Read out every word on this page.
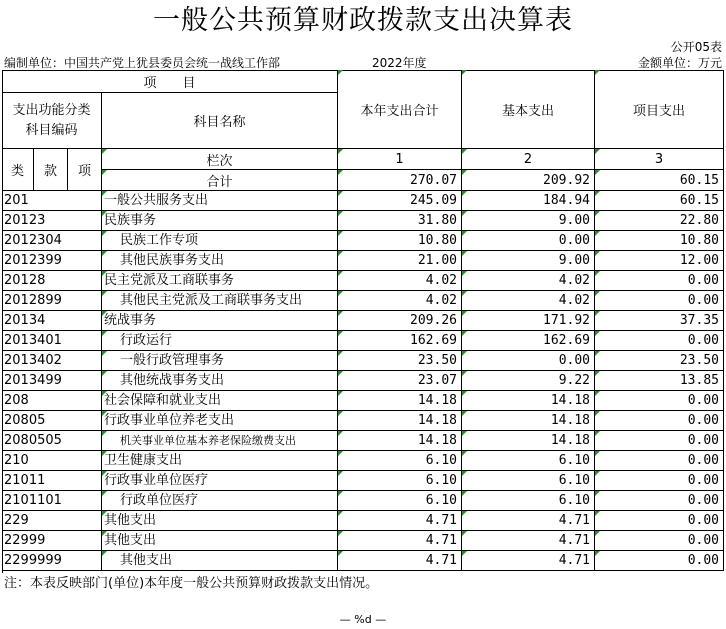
一般公共预算财政拨款支出决算表
公开05表
编制单位：中国共产党上犹县委员会统一战线工作部	2022年度	金额单位：万元
项　　目
支出功能分类
科目编码	科目名称
本年支出合计	基本支出	项目支出
类	款	项
栏次	1	2	3
合计	270.07	209.92	60.15
201	一般公共服务支出	245.09	184.94	60.15
20123	民族事务	31.80	9.00	22.80
2012304	民族工作专项	10.80	0.00	10.80
2012399	其他民族事务支出	21.00	9.00	12.00
20128	民主党派及工商联事务	4.02	4.02	0.00
2012899	其他民主党派及工商联事务支出	4.02	4.02	0.00
20134	统战事务	209.26	171.92	37.35
2013401	行政运行	162.69	162.69	0.00
2013402	一般行政管理事务	23.50	0.00	23.50
2013499	其他统战事务支出	23.07	9.22	13.85
208	社会保障和就业支出	14.18	14.18	0.00
20805	行政事业单位养老支出	14.18	14.18	0.00
2080505	机关事业单位基本养老保险缴费支出	14.18	14.18	0.00
210	卫生健康支出	6.10	6.10	0.00
21011	行政事业单位医疗	6.10	6.10	0.00
2101101	行政单位医疗	6.10	6.10	0.00
229	其他支出	4.71	4.71	0.00
22999	其他支出	4.71	4.71	0.00
2299999	其他支出	4.71	4.71	0.00
注：本表反映部门(单位)本年度一般公共预算财政拨款支出情况。
— %d —
